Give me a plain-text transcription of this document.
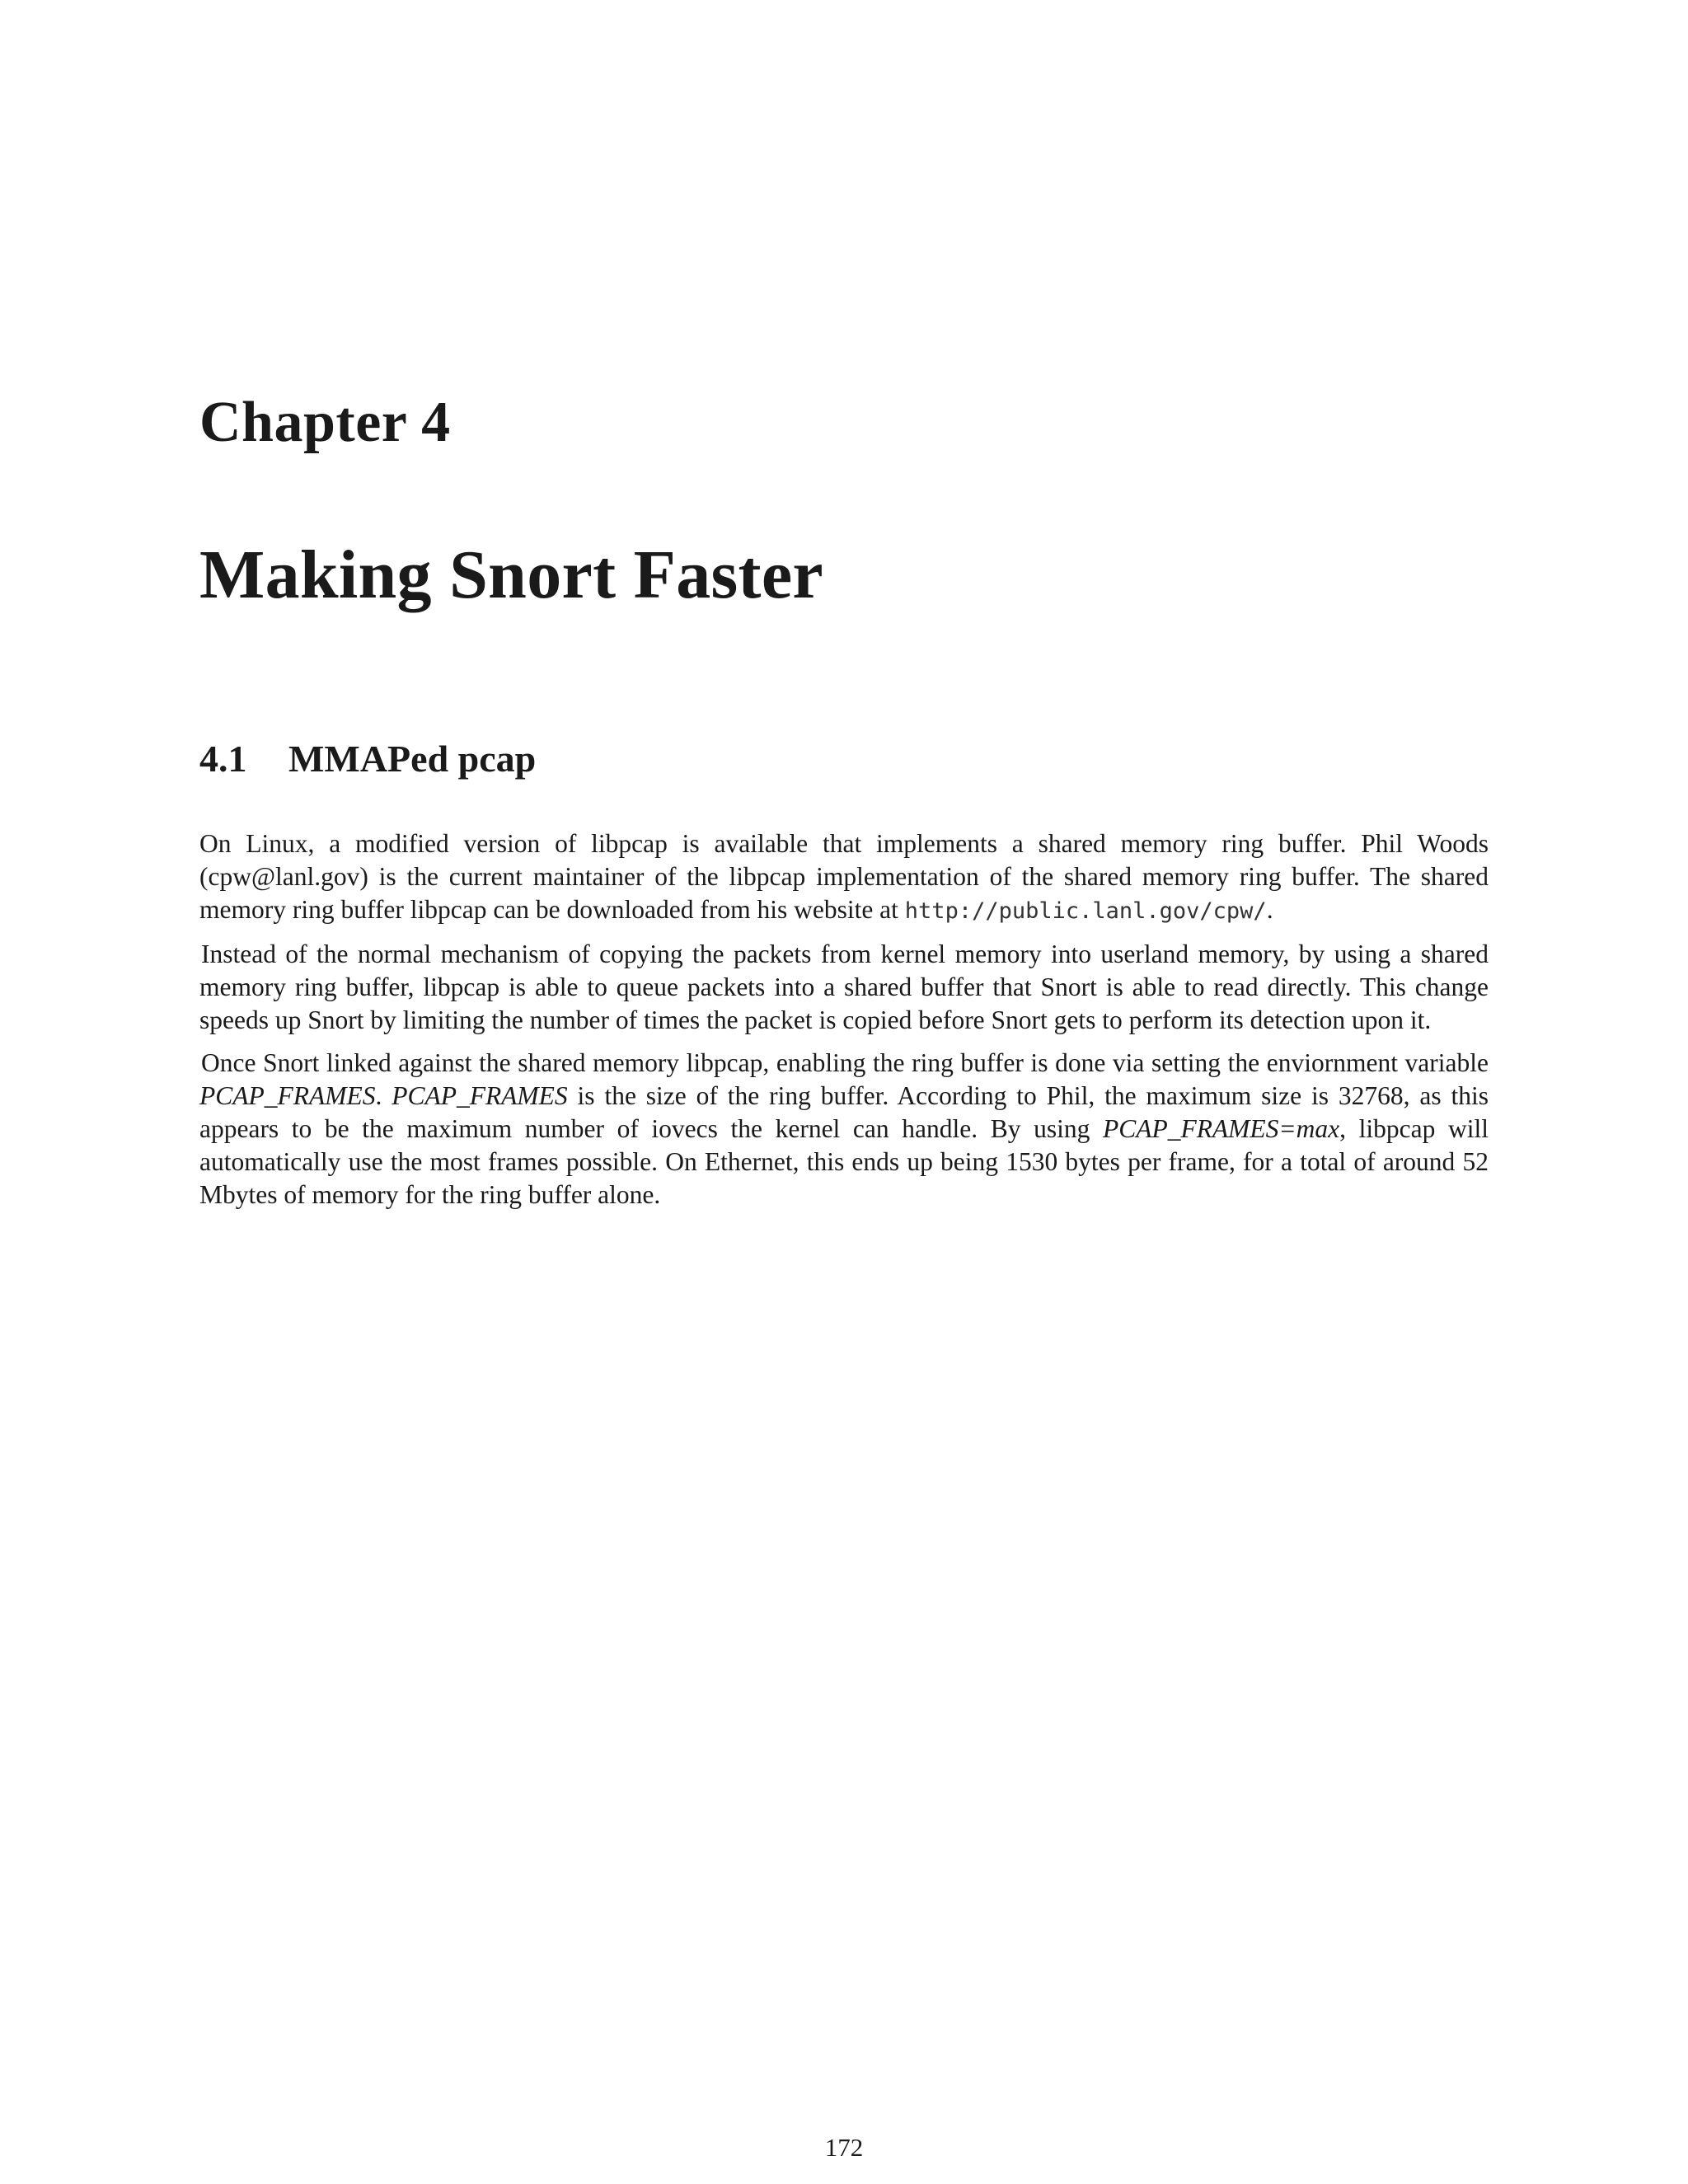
Chapter 4
Making Snort Faster
4.1 MMAPed pcap

On Linux, a modified version of libpcap is available that implements a shared memory ring buffer. Phil Woods (cpw@lanl.gov) is the current maintainer of the libpcap implementation of the shared memory ring buffer. The shared memory ring buffer libpcap can be downloaded from his website at http://public.lanl.gov/cpw/.

Instead of the normal mechanism of copying the packets from kernel memory into userland memory, by using a shared memory ring buffer, libpcap is able to queue packets into a shared buffer that Snort is able to read directly. This change speeds up Snort by limiting the number of times the packet is copied before Snort gets to perform its detection upon it.

Once Snort linked against the shared memory libpcap, enabling the ring buffer is done via setting the enviornment variable PCAP_FRAMES. PCAP_FRAMES is the size of the ring buffer. According to Phil, the maximum size is 32768, as this appears to be the maximum number of iovecs the kernel can handle. By using PCAP_FRAMES=max, libpcap will automatically use the most frames possible. On Ethernet, this ends up being 1530 bytes per frame, for a total of around 52 Mbytes of memory for the ring buffer alone.

172
